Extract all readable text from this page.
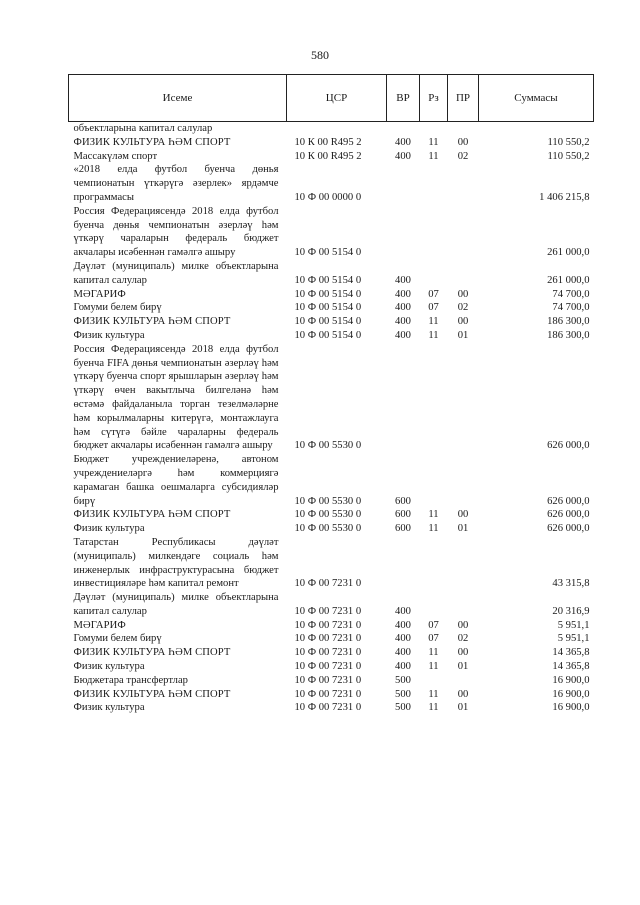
580
Исеме	ЦСР	ВР	Рз	ПР	Суммасы
объектларына капитал салулар					
ФИЗИК КУЛЬТУРА ҺӘМ СПОРТ	10 К 00 R495 2	400	11	00	110 550,2
Массакүләм спорт	10 К 00 R495 2	400	11	02	110 550,2
«2018 елда футбол буенча дөнья чемпионатын үткәрүгә әзерлек» ярдәмче программасы	10 Ф 00 0000 0				1 406 215,8
Россия Федерациясендә 2018 елда футбол буенча дөнья чемпионатын әзерләү һәм үткәрү чараларын федераль бюджет акчалары исәбеннән гамәлгә ашыру	10 Ф 00 5154 0				261 000,0
Дәүләт (муниципаль) милке объектларына капитал салулар	10 Ф 00 5154 0	400			261 000,0
МӘГАРИФ	10 Ф 00 5154 0	400	07	00	74 700,0
Гомуми белем бирү	10 Ф 00 5154 0	400	07	02	74 700,0
ФИЗИК КУЛЬТУРА ҺӘМ СПОРТ	10 Ф 00 5154 0	400	11	00	186 300,0
Физик культура	10 Ф 00 5154 0	400	11	01	186 300,0
Россия Федерациясендә 2018 елда футбол буенча FIFA дөнья чемпионатын әзерләү һәм үткәрү буенча спорт ярышларын әзерләү һәм үткәрү өчен вакытлыча билгеләнә һәм өстәмә файдаланыла торган тезелмәләрне һәм корылмаларны китерүгә, монтажлауга һәм сүтүгә бәйле чараларны федераль бюджет акчалары исәбеннән гамәлгә ашыру	10 Ф 00 5530 0				626 000,0
Бюджет учреждениеләренә, автоном учреждениеләргә һәм коммерциягә карамаган башка оешмаларга субсидияләр бирү	10 Ф 00 5530 0	600			626 000,0
ФИЗИК КУЛЬТУРА ҺӘМ СПОРТ	10 Ф 00 5530 0	600	11	00	626 000,0
Физик культура	10 Ф 00 5530 0	600	11	01	626 000,0
Татарстан Республикасы дәүләт (муниципаль) милкендәге социаль һәм инженерлык инфраструктурасына бюджет инвестицияләре һәм капитал ремонт	10 Ф 00 7231 0				43 315,8
Дәүләт (муниципаль) милке объектларына капитал салулар	10 Ф 00 7231 0	400			20 316,9
МӘГАРИФ	10 Ф 00 7231 0	400	07	00	5 951,1
Гомуми белем бирү	10 Ф 00 7231 0	400	07	02	5 951,1
ФИЗИК КУЛЬТУРА ҺӘМ СПОРТ	10 Ф 00 7231 0	400	11	00	14 365,8
Физик культура	10 Ф 00 7231 0	400	11	01	14 365,8
Бюджетара трансфертлар	10 Ф 00 7231 0	500			16 900,0
ФИЗИК КУЛЬТУРА ҺӘМ СПОРТ	10 Ф 00 7231 0	500	11	00	16 900,0
Физик культура	10 Ф 00 7231 0	500	11	01	16 900,0
